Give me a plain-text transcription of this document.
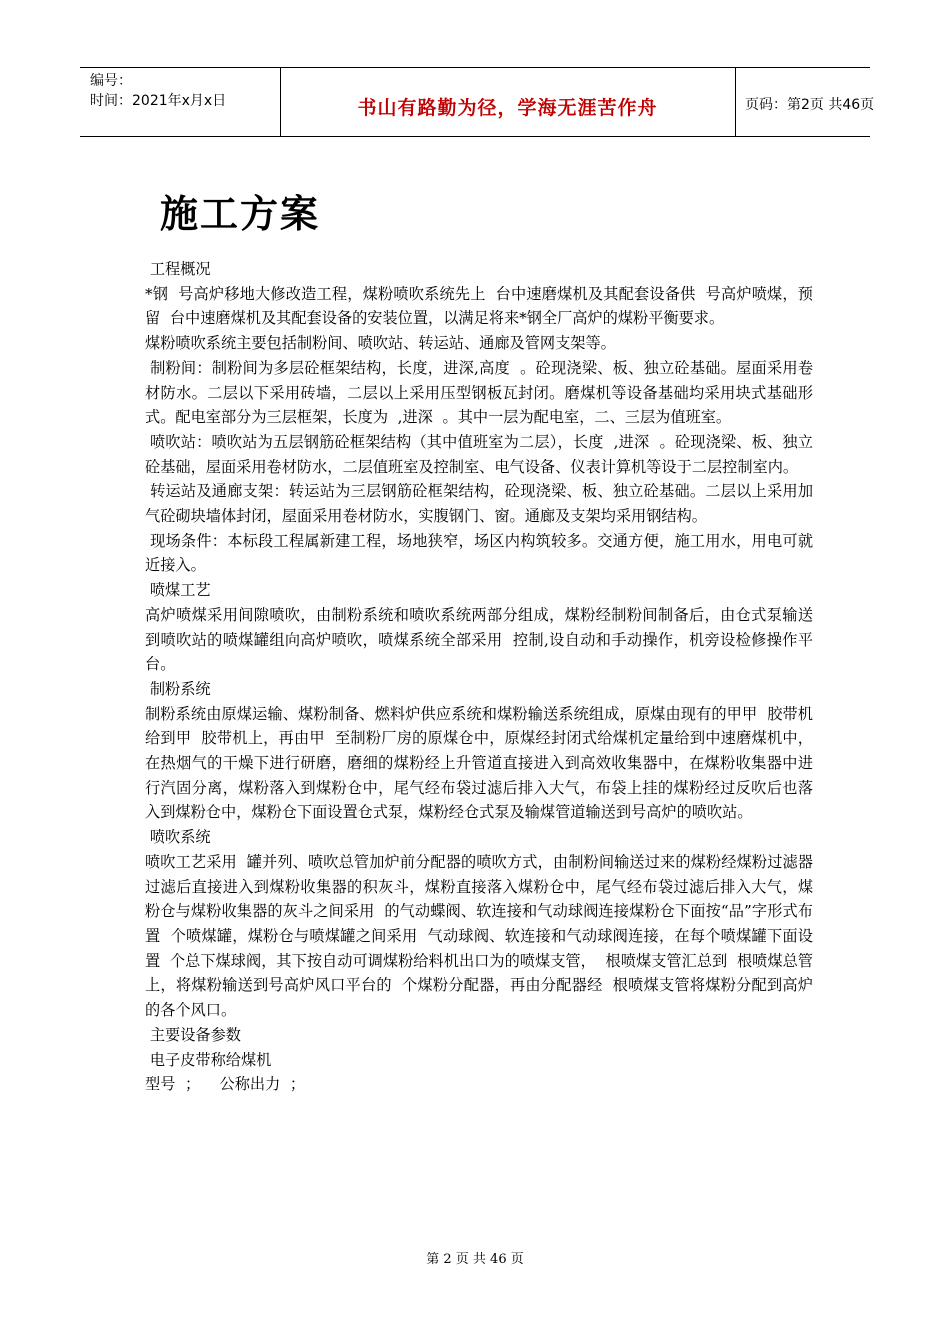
编号：
时间：2021年x月x日	书山有路勤为径，学海无涯苦作舟	页码：第2页 共46页
施工方案

工程概况

*钢  号高炉移地大修改造工程，煤粉喷吹系统先上  台中速磨煤机及其配套设备供  号高炉喷煤，预留  台中速磨煤机及其配套设备的安装位置，以满足将来*钢全厂高炉的煤粉平衡要求。

煤粉喷吹系统主要包括制粉间、喷吹站、转运站、通廊及管网支架等。

制粉间：制粉间为多层砼框架结构，长度，进深,高度  。砼现浇梁、板、独立砼基础。屋面采用卷材防水。二层以下采用砖墙，二层以上采用压型钢板瓦封闭。磨煤机等设备基础均采用块式基础形式。配电室部分为三层框架，长度为  ,进深  。其中一层为配电室，二、三层为值班室。

喷吹站：喷吹站为五层钢筋砼框架结构（其中值班室为二层），长度  ,进深  。砼现浇梁、板、独立砼基础，屋面采用卷材防水，二层值班室及控制室、电气设备、仪表计算机等设于二层控制室内。

转运站及通廊支架：转运站为三层钢筋砼框架结构，砼现浇梁、板、独立砼基础。二层以上采用加气砼砌块墙体封闭，屋面采用卷材防水，实腹钢门、窗。通廊及支架均采用钢结构。

现场条件：本标段工程属新建工程，场地狭窄，场区内构筑较多。交通方便，施工用水，用电可就近接入。

喷煤工艺

高炉喷煤采用间隙喷吹，由制粉系统和喷吹系统两部分组成，煤粉经制粉间制备后，由仓式泵输送到喷吹站的喷煤罐组向高炉喷吹，喷煤系统全部采用  控制,设自动和手动操作，机旁设检修操作平台。

制粉系统

制粉系统由原煤运输、煤粉制备、燃料炉供应系统和煤粉输送系统组成，原煤由现有的甲甲  胶带机给到甲  胶带机上，再由甲  至制粉厂房的原煤仓中，原煤经封闭式给煤机定量给到中速磨煤机中，在热烟气的干燥下进行研磨，磨细的煤粉经上升管道直接进入到高效收集器中，在煤粉收集器中进行汽固分离，煤粉落入到煤粉仓中，尾气经布袋过滤后排入大气，布袋上挂的煤粉经过反吹后也落入到煤粉仓中，煤粉仓下面设置仓式泵，煤粉经仓式泵及输煤管道输送到号高炉的喷吹站。

喷吹系统

喷吹工艺采用  罐并列、喷吹总管加炉前分配器的喷吹方式，由制粉间输送过来的煤粉经煤粉过滤器过滤后直接进入到煤粉收集器的积灰斗，煤粉直接落入煤粉仓中，尾气经布袋过滤后排入大气，煤粉仓与煤粉收集器的灰斗之间采用  的气动蝶阀、软连接和气动球阀连接煤粉仓下面按“品”字形式布置  个喷煤罐，煤粉仓与喷煤罐之间采用  气动球阀、软连接和气动球阀连接，在每个喷煤罐下面设置  个总下煤球阀，其下按自动可调煤粉给料机出口为的喷煤支管，  根喷煤支管汇总到  根喷煤总管上，将煤粉输送到号高炉风口平台的  个煤粉分配器，再由分配器经  根喷煤支管将煤粉分配到高炉的各个风口。

主要设备参数

电子皮带称给煤机

型号  ；    公称出力  ；

第 2 页 共 46 页
